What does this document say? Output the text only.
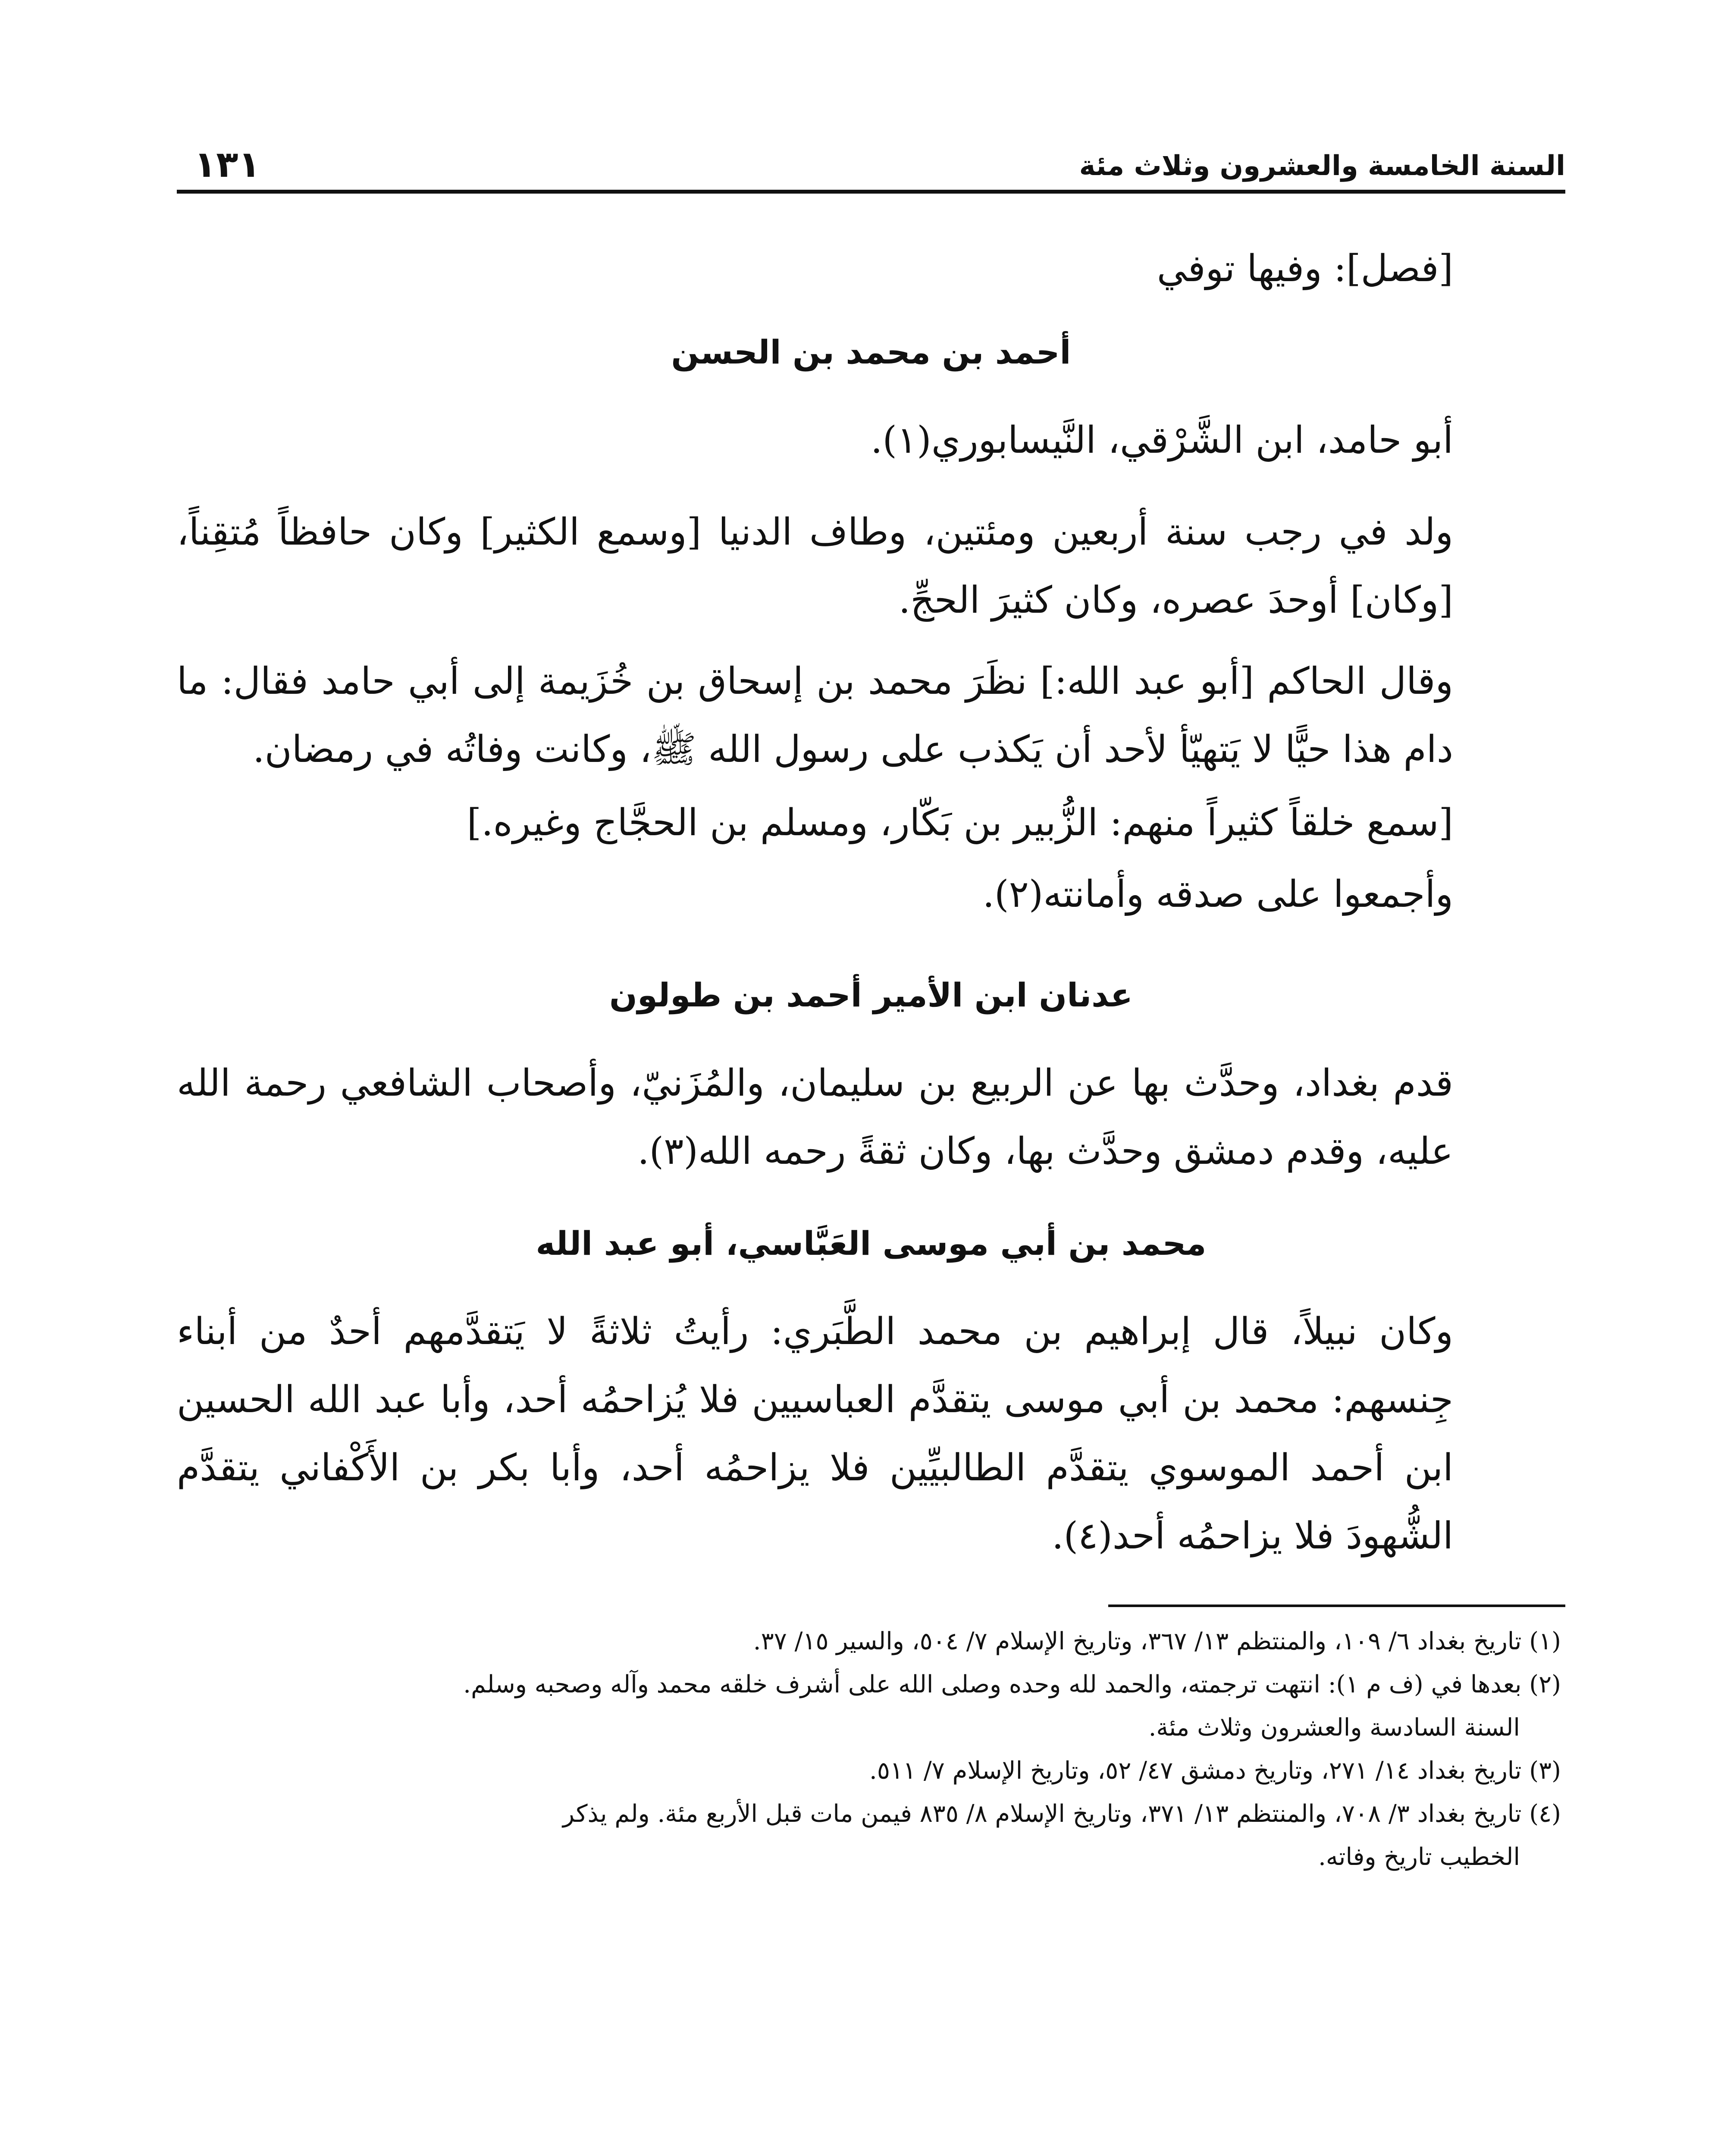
السنة الخامسة والعشرون وثلاث مئة
١٣١

[فصل]: وفيها توفي

أحمد بن محمد بن الحسن

أبو حامد، ابن الشَّرْقي، النَّيسابوري(١).

ولد في رجب سنة أربعين ومئتين، وطاف الدنيا [وسمع الكثير] وكان حافظاً مُتقِناً، [وكان] أوحدَ عصره، وكان كثيرَ الحجِّ.

وقال الحاكم [أبو عبد الله:] نظَرَ محمد بن إسحاق بن خُزَيمة إلى أبي حامد فقال: ما دام هذا حيًّا لا يَتهيّأ لأحد أن يَكذب على رسول الله ﷺ، وكانت وفاتُه في رمضان.

[سمع خلقاً كثيراً منهم: الزُّبير بن بَكّار، ومسلم بن الحجَّاج وغيره.]

وأجمعوا على صدقه وأمانته(٢).

عدنان ابن الأمير أحمد بن طولون

قدم بغداد، وحدَّث بها عن الربيع بن سليمان، والمُزَنيّ، وأصحاب الشافعي رحمة الله عليه، وقدم دمشق وحدَّث بها، وكان ثقةً رحمه الله(٣).

محمد بن أبي موسى العَبَّاسي، أبو عبد الله

وكان نبيلاً، قال إبراهيم بن محمد الطَّبَري: رأيتُ ثلاثةً لا يَتقدَّمهم أحدٌ من أبناء جِنسهم: محمد بن أبي موسى يتقدَّم العباسيين فلا يُزاحمُه أحد، وأبا عبد الله الحسين ابن أحمد الموسوي يتقدَّم الطالبيِّين فلا يزاحمُه أحد، وأبا بكر بن الأَكْفاني يتقدَّم الشُّهودَ فلا يزاحمُه أحد(٤).

(١) تاريخ بغداد ٦/ ١٠٩، والمنتظم ١٣/ ٣٦٧، وتاريخ الإسلام ٧/ ٥٠٤، والسير ١٥/ ٣٧.

(٢) بعدها في (ف م ١): انتهت ترجمته، والحمد لله وحده وصلى الله على أشرف خلقه محمد وآله وصحبه وسلم.

السنة السادسة والعشرون وثلاث مئة.

(٣) تاريخ بغداد ١٤/ ٢٧١، وتاريخ دمشق ٤٧/ ٥٢، وتاريخ الإسلام ٧/ ٥١١.

(٤) تاريخ بغداد ٣/ ٧٠٨، والمنتظم ١٣/ ٣٧١، وتاريخ الإسلام ٨/ ٨٣٥ فيمن مات قبل الأربع مئة. ولم يذكر

الخطيب تاريخ وفاته.
